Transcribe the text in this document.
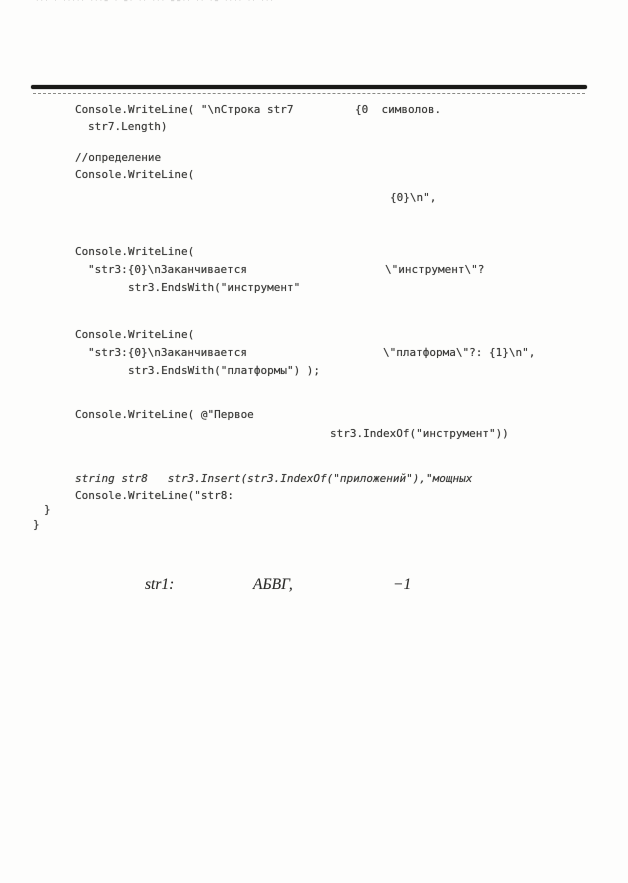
··· · ····· ···– · –· ·· ··· ––·· ·· ·– ···· ·· ···
Console.WriteLine( "\nСтрока str7	{0  символов.
str7.Length)
//определение
Console.WriteLine(
{0}\n",
Console.WriteLine(
"str3:{0}\nЗаканчивается	\"инструмент\"?
str3.EndsWith("инструмент"
Console.WriteLine(
"str3:{0}\nЗаканчивается	\"платформа\"?: {1}\n",
str3.EndsWith("платформы") );
Console.WriteLine( @"Первое
str3.IndexOf("инструмент"))
string str8   str3.Insert(str3.IndexOf("приложений"),"мощных
Console.WriteLine("str8:
}
}
str1:	АБВГ,	−1
